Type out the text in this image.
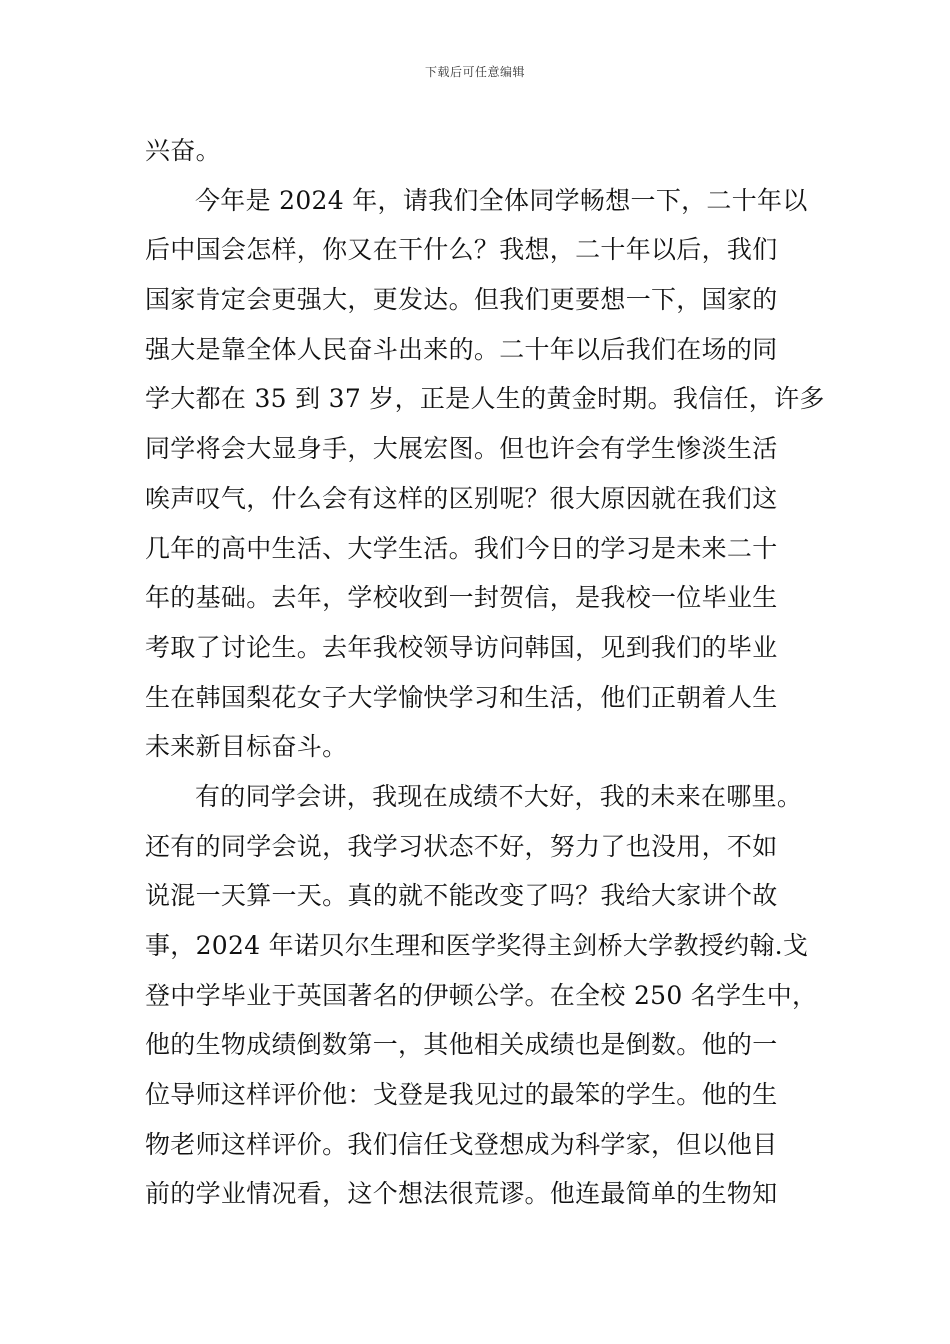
下载后可任意编辑
兴奋。
今年是 2024 年，请我们全体同学畅想一下，二十年以
后中国会怎样，你又在干什么？我想，二十年以后，我们
国家肯定会更强大，更发达。但我们更要想一下，国家的
强大是靠全体人民奋斗出来的。二十年以后我们在场的同
学大都在 35 到 37 岁，正是人生的黄金时期。我信任，许多
同学将会大显身手，大展宏图。但也许会有学生惨淡生活
唉声叹气，什么会有这样的区别呢？很大原因就在我们这
几年的高中生活、大学生活。我们今日的学习是未来二十
年的基础。去年，学校收到一封贺信，是我校一位毕业生
考取了讨论生。去年我校领导访问韩国，见到我们的毕业
生在韩国梨花女子大学愉快学习和生活，他们正朝着人生
未来新目标奋斗。
有的同学会讲，我现在成绩不大好，我的未来在哪里。
还有的同学会说，我学习状态不好，努力了也没用，不如
说混一天算一天。真的就不能改变了吗？我给大家讲个故
事，2024 年诺贝尔生理和医学奖得主剑桥大学教授约翰.戈
登中学毕业于英国著名的伊顿公学。在全校 250 名学生中，
他的生物成绩倒数第一，其他相关成绩也是倒数。他的一
位导师这样评价他：戈登是我见过的最笨的学生。他的生
物老师这样评价。我们信任戈登想成为科学家，但以他目
前的学业情况看，这个想法很荒谬。他连最简单的生物知
